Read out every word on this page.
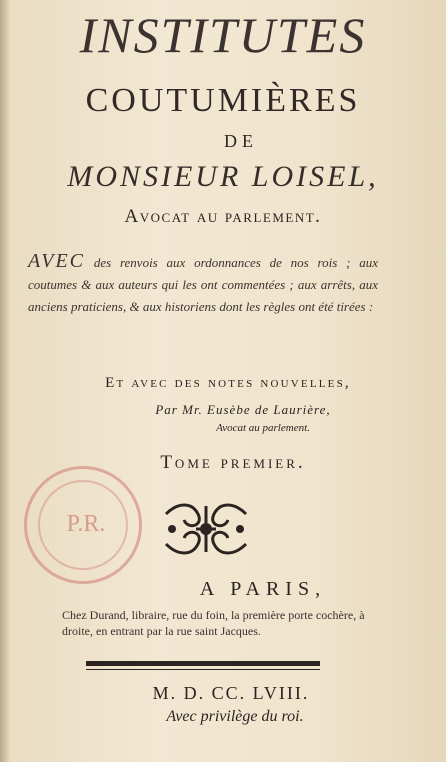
INSTITUTES
COUTUMIÈRES
DE
MONSIEUR LOISEL,
Avocat au parlement.
AVEC des renvois aux ordonnances de nos rois ; aux coutumes & aux auteurs qui les ont commentées ; aux arrêts, aux anciens praticiens, & aux historiens dont les règles ont été tirées :
Et avec des notes nouvelles,
Par Mr. Eusèbe de Laurière,
Avocat au parlement.
Tome premier.
P.R.
A PARIS,
Chez Durand, libraire, rue du foin, la première porte cochère, à droite, en entrant par la rue saint Jacques.
M. D. CC. LVIII.
Avec privilège du roi.
